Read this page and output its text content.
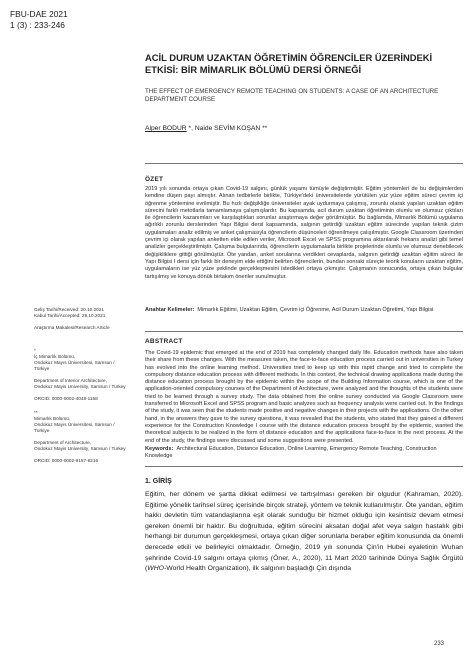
FBU-DAE 2021
1 (3) : 233-246
ACİL DURUM UZAKTAN ÖĞRETİMİN ÖĞRENCİLER ÜZERİNDEKİ ETKİSİ: BİR MİMARLIK BÖLÜMÜ DERSİ ÖRNEĞİ
THE EFFECT OF EMERGENCY REMOTE TEACHING ON STUDENTS: A CASE OF AN ARCHITECTURE DEPARTMENT COURSE
Alper BODUR *, Naide SEVİM KOŞAN **
ÖZET
2019 yılı sonunda ortaya çıkan Covid-19 salgını, günlük yaşamı tümüyle değiştirmiştir. Eğitim yöntemleri de bu değişimlerden kendine düşen payı almıştır. Alınan tedbirlerle birlikte, Türkiye'deki üniversitelerde yürütülen yüz yüze eğitim süreci çevrim içi öğrenme yöntemine evrilmiştir. Bu hızlı değişikliğe üniversiteler ayak uydurmaya çalışmış, zorunlu olarak yapılan uzaktan eğitim sürecini farklı metotlarla tamamlamaya çalışmışlardır. Bu kapsamda, acil durum uzaktan öğretiminin olumlu ve olumsuz çıktıları ile öğrencilerin kazanımları ve karşılaştıkları sorunlar araştırmaya değer görülmüştür. Bu bağlamda, Mimarlık Bölümü uygulama ağırlıklı zorunlu derslerinden Yapı Bilgisi dersi kapsamında, salgının getirdiği uzaktan eğitim sürecinde yapılan teknik çizim uygulamaları analiz edilmiş ve anket çalışmasıyla öğrencilerin düşünceleri öğrenilmeye çalışılmıştır. Google Classroom üzerinden çevrim içi olarak yapılan anketten elde edilen veriler, Microsoft Excel ve SPSS programına aktarılarak frekans analizi gibi temel analizler gerçekleştirilmiştir. Çalışma bulgularında, öğrencilerin uygulamalarla birlikte projelerinde olumlu ve olumsuz denebilecek değişikliklere gittiği görülmüştür. Öte yandan, anket sorularına verdikleri cevaplarda, salgının getirdiği uzaktan eğitim süreci ile Yapı Bilgisi I dersi için farklı bir deneyim elde ettiğini belirten öğrencilerin, bundan sonraki süreçte teorik konuların uzaktan eğitim, uygulamaların ise yüz yüze şeklinde gerçekleşmesini istedikleri ortaya çıkmıştır. Çalışmanın sonucunda, ortaya çıkan bulgular tartışılmış ve konuya dönük birtakım öneriler sunulmuştur.
Anahtar Kelimeler: Mimarlık Eğitimi, Uzaktan Eğitim, Çevrim içi Öğrenme, Acil Durum Uzaktan Öğretimi, Yapı Bilgisi
ABSTRACT
The Covid-19 epidemic that emerged at the end of 2019 has completely changed daily life. Education methods have also taken their share from these changes. With the measures taken, the face-to-face education process carried out in universities in Turkey has evolved into the online learning method. Universities tried to keep up with this rapid change and tried to complete the compulsory distance education process with different methods. In this context, the technical drawing applications made during the distance education process brought by the epidemic within the scope of the Building Information course, which is one of the application-oriented compulsory courses of the Department of Architecture, were analyzed and the thoughts of the students were tried to be learned through a survey study. The data obtained from the online survey conducted via Google Classroom were transferred to Microsoft Excel and SPSS program and basic analyzes such as frequency analysis were carried out. In the findings of the study, it was seen that the students made positive and negative changes in their projects with the applications. On the other hand, in the answers they gave to the survey questions, it was revealed that the students, who stated that they gained a different experience for the Construction Knowledge I course with the distance education process brought by the epidemic, wanted the theoretical subjects to be realized in the form of distance education and the applications face-to-face in the next process. At the end of the study, the findings were discussed and some suggestions were presented.
Keywords: Architectural Education, Distance Education, Online Learning, Emergency Remote Teaching, Construction Knowledge
Geliş Tarihi/Received: 20.10.2021
Kabul Tarihi/Accepted: 29.10.2021
Araştırma Makalesi/Research Article
*
İç Mimarlık Bölümü,
Ondokuz Mayıs Üniversitesi, Samsun /
Türkiye
Department of Interior Architecture,
Ondokuz Mayis University, Samsun / Turkey
ORCID: 0000-0002-4048-1158
**
Mimarlık Bölümü,
Ondokuz Mayıs Üniversitesi, Samsun /
Türkiye
Department of Architecture,
Ondokuz Mayis University, Samsun / Turkey
ORCID: 0000-0002-9157-8216
1. GİRİŞ
Eğitim, her dönem ve şartta dikkat edilmesi ve tartışılması gereken bir olgudur (Kahraman, 2020). Eğitime yönelik tarihsel süreç içerisinde birçok strateji, yöntem ve teknik kullanılmıştır. Öte yandan, eğitim hakkı devletin tüm vatandaşlarına eşit olarak sunduğu bir hizmet olduğu için kesintisiz devam etmesi gereken önemli bir haktır. Bu doğrultuda, eğitim sürecini aksatan doğal afet veya salgın hastalık gibi herhangi bir durumun gerçekleşmesi, ortaya çıkan diğer sorunlarla beraber eğitim konusunda da önemli derecede etkili ve belirleyici olmaktadır. Örneğin, 2019 yılı sonunda Çin'in Hubei eyaletinin Wuhan şehrinde Covid-19 salgını ortaya çıkmış (Öner, A., 2020), 11 Mart 2020 tarihinde Dünya Sağlık Örgütü (WHO-World Health Organization), ilk salgının başladığı Çin dışında
233
